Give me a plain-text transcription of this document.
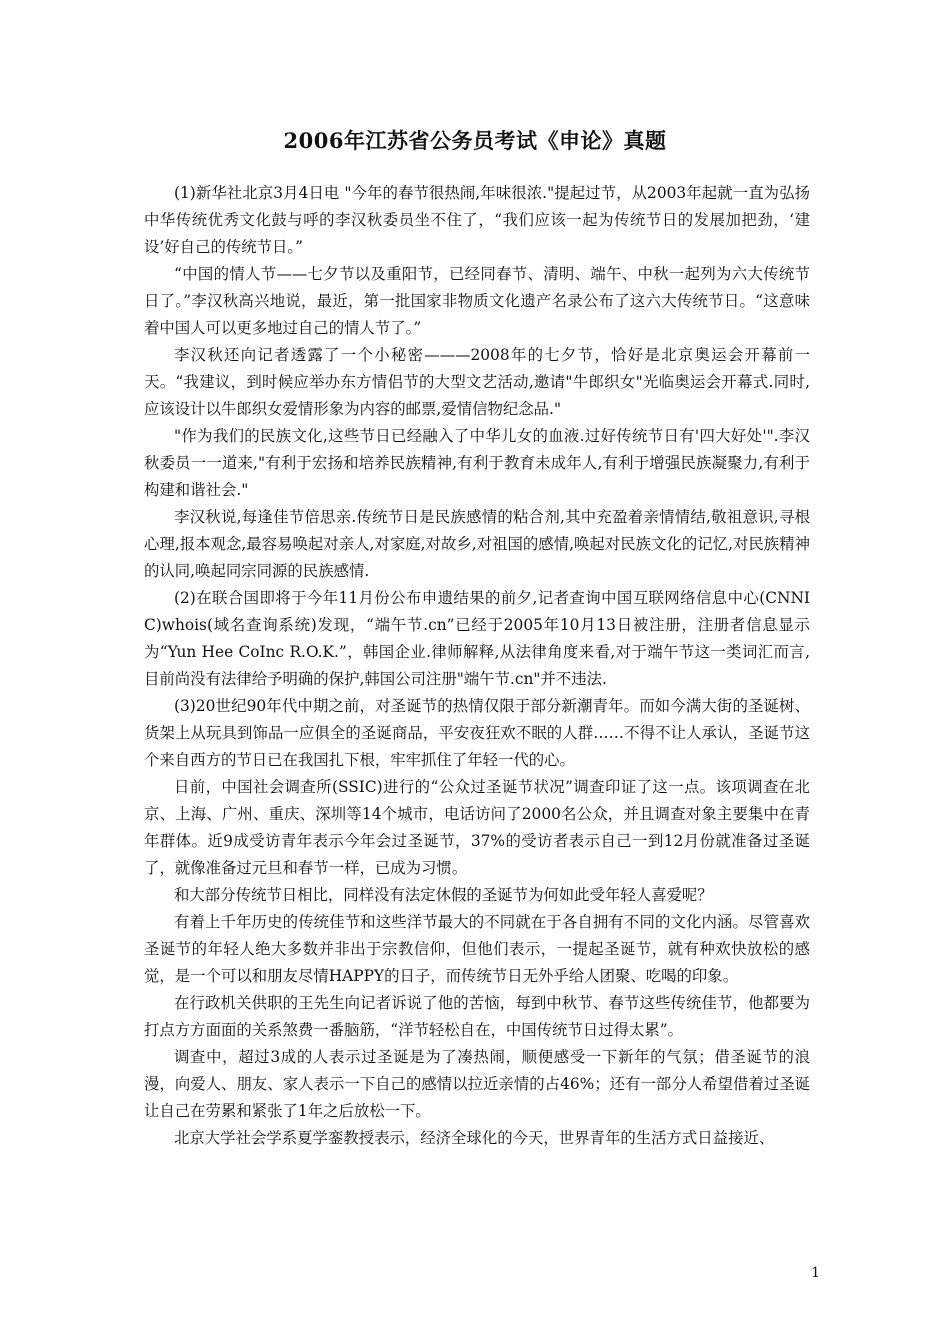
2006年江苏省公务员考试《申论》真题

(1)新华社北京3月4日电 "今年的春节很热闹,年味很浓."提起过节，从2003年起就一直为弘扬中华传统优秀文化鼓与呼的李汉秋委员坐不住了，“我们应该一起为传统节日的发展加把劲，‘建设’好自己的传统节日。”

“中国的情人节——七夕节以及重阳节，已经同春节、清明、端午、中秋一起列为六大传统节日了。”李汉秋高兴地说，最近，第一批国家非物质文化遗产名录公布了这六大传统节日。“这意味着中国人可以更多地过自己的情人节了。”

李汉秋还向记者透露了一个小秘密———2008年的七夕节，恰好是北京奥运会开幕前一天。“我建议，到时候应举办东方情侣节的大型文艺活动,邀请"牛郎织女"光临奥运会开幕式.同时,应该设计以牛郎织女爱情形象为内容的邮票,爱情信物纪念品."

"作为我们的民族文化,这些节日已经融入了中华儿女的血液.过好传统节日有'四大好处'".李汉秋委员一一道来,"有利于宏扬和培养民族精神,有利于教育未成年人,有利于增强民族凝聚力,有利于构建和谐社会."

李汉秋说,每逢佳节倍思亲.传统节日是民族感情的粘合剂,其中充盈着亲情情结,敬祖意识,寻根心理,报本观念,最容易唤起对亲人,对家庭,对故乡,对祖国的感情,唤起对民族文化的记忆,对民族精神的认同,唤起同宗同源的民族感情.

(2)在联合国即将于今年11月份公布申遗结果的前夕,记者查询中国互联网络信息中心(CNNIC)whois(域名查询系统)发现，“端午节.cn”已经于2005年10月13日被注册，注册者信息显示为“Yun Hee CoInc R.O.K.”，韩国企业.律师解释,从法律角度来看,对于端午节这一类词汇而言,目前尚没有法律给予明确的保护,韩国公司注册"端午节.cn"并不违法.

(3)20世纪90年代中期之前，对圣诞节的热情仅限于部分新潮青年。而如今满大街的圣诞树、货架上从玩具到饰品一应俱全的圣诞商品，平安夜狂欢不眠的人群……不得不让人承认，圣诞节这个来自西方的节日已在我国扎下根，牢牢抓住了年轻一代的心。

日前，中国社会调查所(SSIC)进行的“公众过圣诞节状况”调查印证了这一点。该项调查在北京、上海、广州、重庆、深圳等14个城市，电话访问了2000名公众，并且调查对象主要集中在青年群体。近9成受访青年表示今年会过圣诞节，37%的受访者表示自己一到12月份就准备过圣诞了，就像准备过元旦和春节一样，已成为习惯。

和大部分传统节日相比，同样没有法定休假的圣诞节为何如此受年轻人喜爱呢？

有着上千年历史的传统佳节和这些洋节最大的不同就在于各自拥有不同的文化内涵。尽管喜欢圣诞节的年轻人绝大多数并非出于宗教信仰，但他们表示，一提起圣诞节，就有种欢快放松的感觉，是一个可以和朋友尽情HAPPY的日子，而传统节日无外乎给人团聚、吃喝的印象。

在行政机关供职的王先生向记者诉说了他的苦恼，每到中秋节、春节这些传统佳节，他都要为打点方方面面的关系煞费一番脑筋，“洋节轻松自在，中国传统节日过得太累”。

调查中，超过3成的人表示过圣诞是为了凑热闹，顺便感受一下新年的气氛；借圣诞节的浪漫，向爱人、朋友、家人表示一下自己的感情以拉近亲情的占46%；还有一部分人希望借着过圣诞让自己在劳累和紧张了1年之后放松一下。

北京大学社会学系夏学銮教授表示，经济全球化的今天，世界青年的生活方式日益接近、

1
